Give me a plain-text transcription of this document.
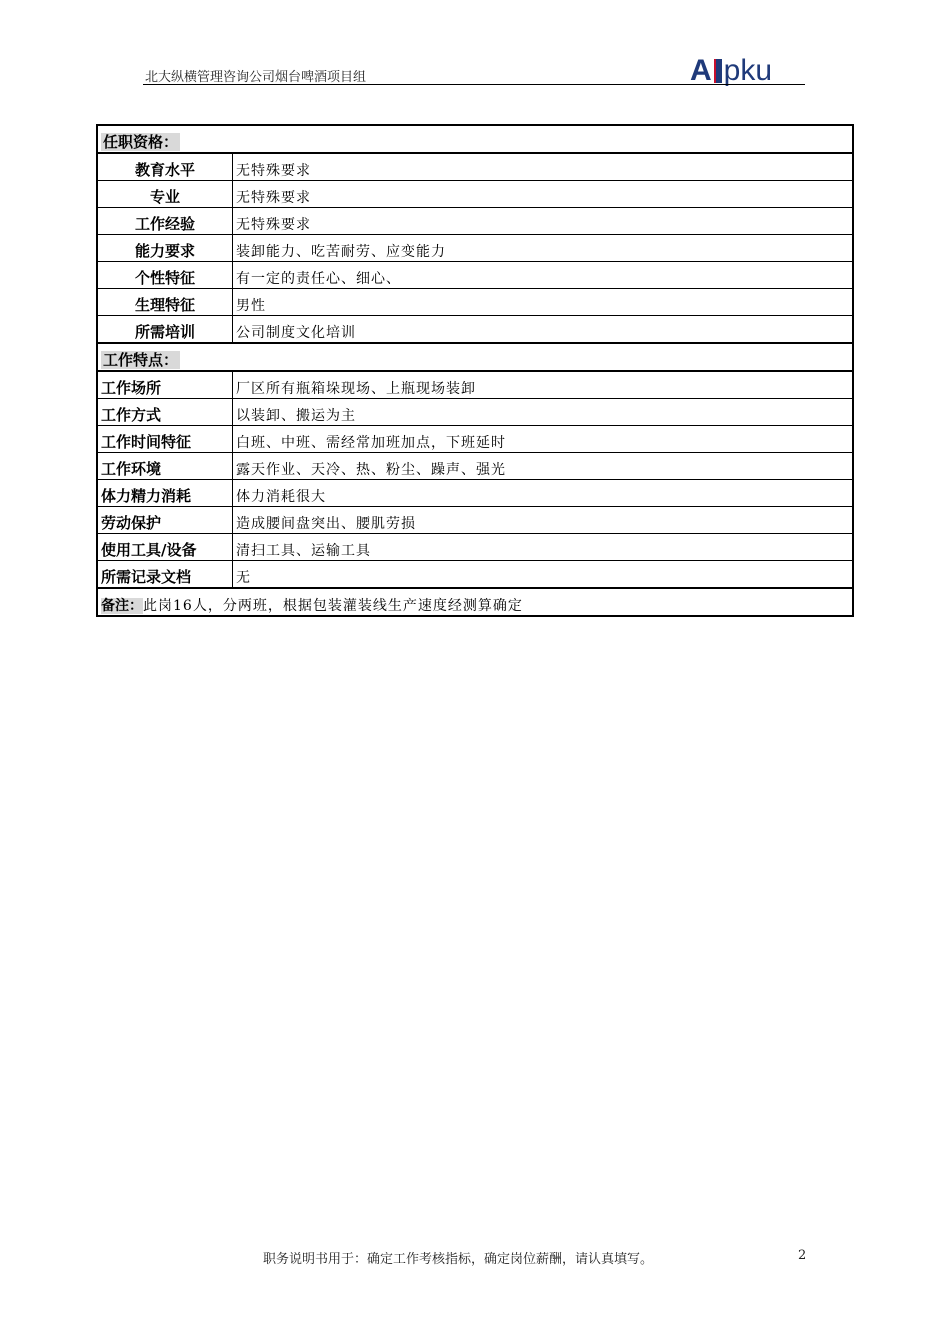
北大纵横管理咨询公司烟台啤酒项目组	A pku
任职资格：	
教育水平	无特殊要求
专业	无特殊要求
工作经验	无特殊要求
能力要求	装卸能力、吃苦耐劳、应变能力
个性特征	有一定的责任心、细心、
生理特征	男性
所需培训	公司制度文化培训
工作特点：	
工作场所	厂区所有瓶箱垛现场、上瓶现场装卸
工作方式	以装卸、搬运为主
工作时间特征	白班、中班、需经常加班加点，下班延时
工作环境	露天作业、天冷、热、粉尘、躁声、强光
体力精力消耗	体力消耗很大
劳动保护	造成腰间盘突出、腰肌劳损
使用工具/设备	清扫工具、运输工具
所需记录文档	无
备注：此岗16人，分两班，根据包装灌装线生产速度经测算确定	
职务说明书用于：确定工作考核指标，确定岗位薪酬，请认真填写。	2
